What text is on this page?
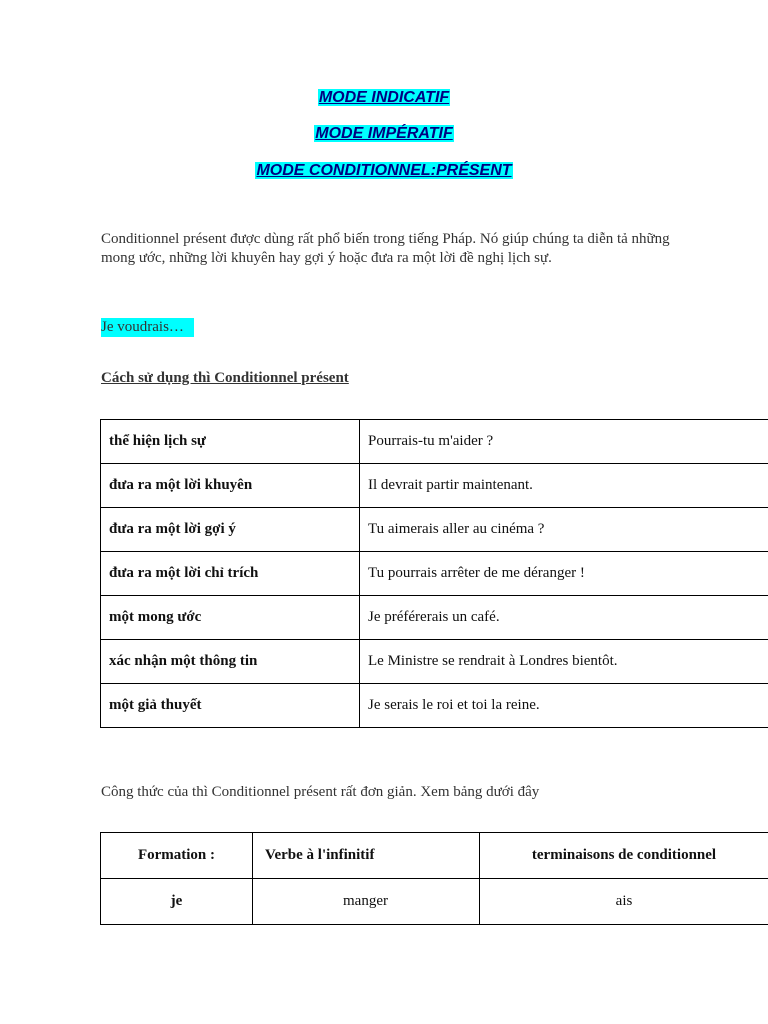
MODE INDICATIF
MODE IMPÉRATIF
MODE CONDITIONNEL:PRÉSENT
Conditionnel présent được dùng rất phổ biến trong tiếng Pháp. Nó giúp chúng ta diễn tả những mong ước, những lời khuyên hay gợi ý hoặc đưa ra một lời đề nghị lịch sự.
Je voudrais…
Cách sử dụng thì Conditionnel présent
thể hiện lịch sự	Pourrais-tu m'aider ?
đưa ra một lời khuyên	Il devrait partir maintenant.
đưa ra một lời gợi ý	Tu aimerais aller au cinéma ?
đưa ra một lời chỉ trích	Tu pourrais arrêter de me déranger !
một mong ước	Je préférerais un café.
xác nhận một thông tin	Le Ministre se rendrait à Londres bientôt.
một giả thuyết	Je serais le roi et toi la reine.
Công thức của thì Conditionnel présent rất đơn giản. Xem bảng dưới đây
Formation :	Verbe à l'infinitif	terminaisons de conditionnel
je	manger	ais
